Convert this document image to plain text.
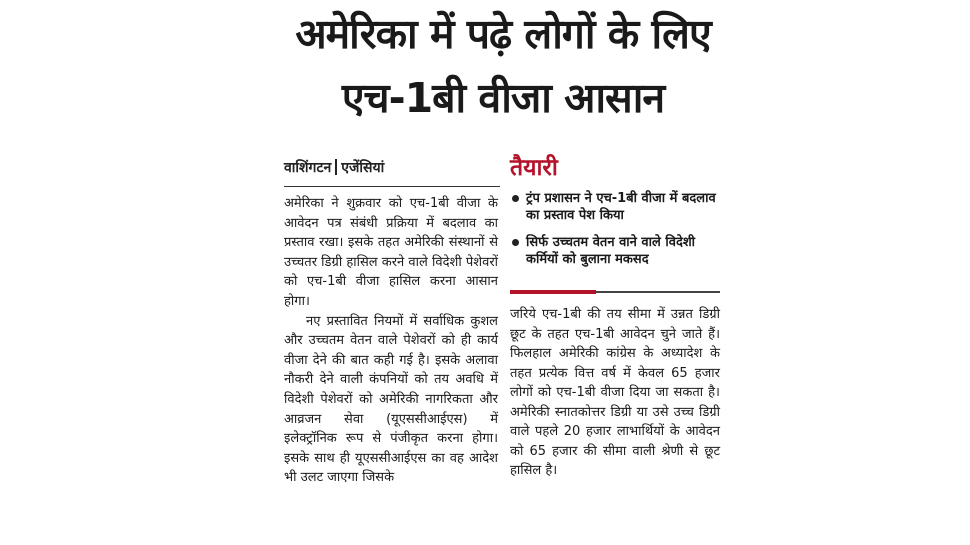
अमेरिका में पढ़े लोगों के लिए एच-1बी वीजा आसान
वाशिंगटन एजेंसियां

अमेरिका ने शुक्रवार को एच-1बी वीजा के आवेदन पत्र संबंधी प्रक्रिया में बदलाव का प्रस्ताव रखा। इसके तहत अमेरिकी संस्थानों से उच्चतर डिग्री हासिल करने वाले विदेशी पेशेवरों को एच-1बी वीजा हासिल करना आसान होगा।

नए प्रस्तावित नियमों में सर्वाधिक कुशल और उच्चतम वेतन वाले पेशेवरों को ही कार्य वीजा देने की बात कही गई है। इसके अलावा नौकरी देने वाली कंपनियों को तय अवधि में विदेशी पेशेवरों को अमेरिकी नागरिकता और आव्रजन सेवा (यूएससीआईएस) में इलेक्ट्रॉनिक रूप से पंजीकृत करना होगा। इसके साथ ही यूएससीआईएस का वह आदेश भी उलट जाएगा जिसके

तैयारी
ट्रंप प्रशासन ने एच-1बी वीजा में बदलाव का प्रस्ताव पेश किया
सिर्फ उच्चतम वेतन वाने वाले विदेशी कर्मियों को बुलाना मकसद

जरिये एच-1बी की तय सीमा में उन्नत डिग्री छूट के तहत एच-1बी आवेदन चुने जाते हैं। फिलहाल अमेरिकी कांग्रेस के अध्यादेश के तहत प्रत्येक वित्त वर्ष में केवल 65 हजार लोगों को एच-1बी वीजा दिया जा सकता है। अमेरिकी स्नातकोत्तर डिग्री या उसे उच्च डिग्री वाले पहले 20 हजार लाभार्थियों के आवेदन को 65 हजार की सीमा वाली श्रेणी से छूट हासिल है।
